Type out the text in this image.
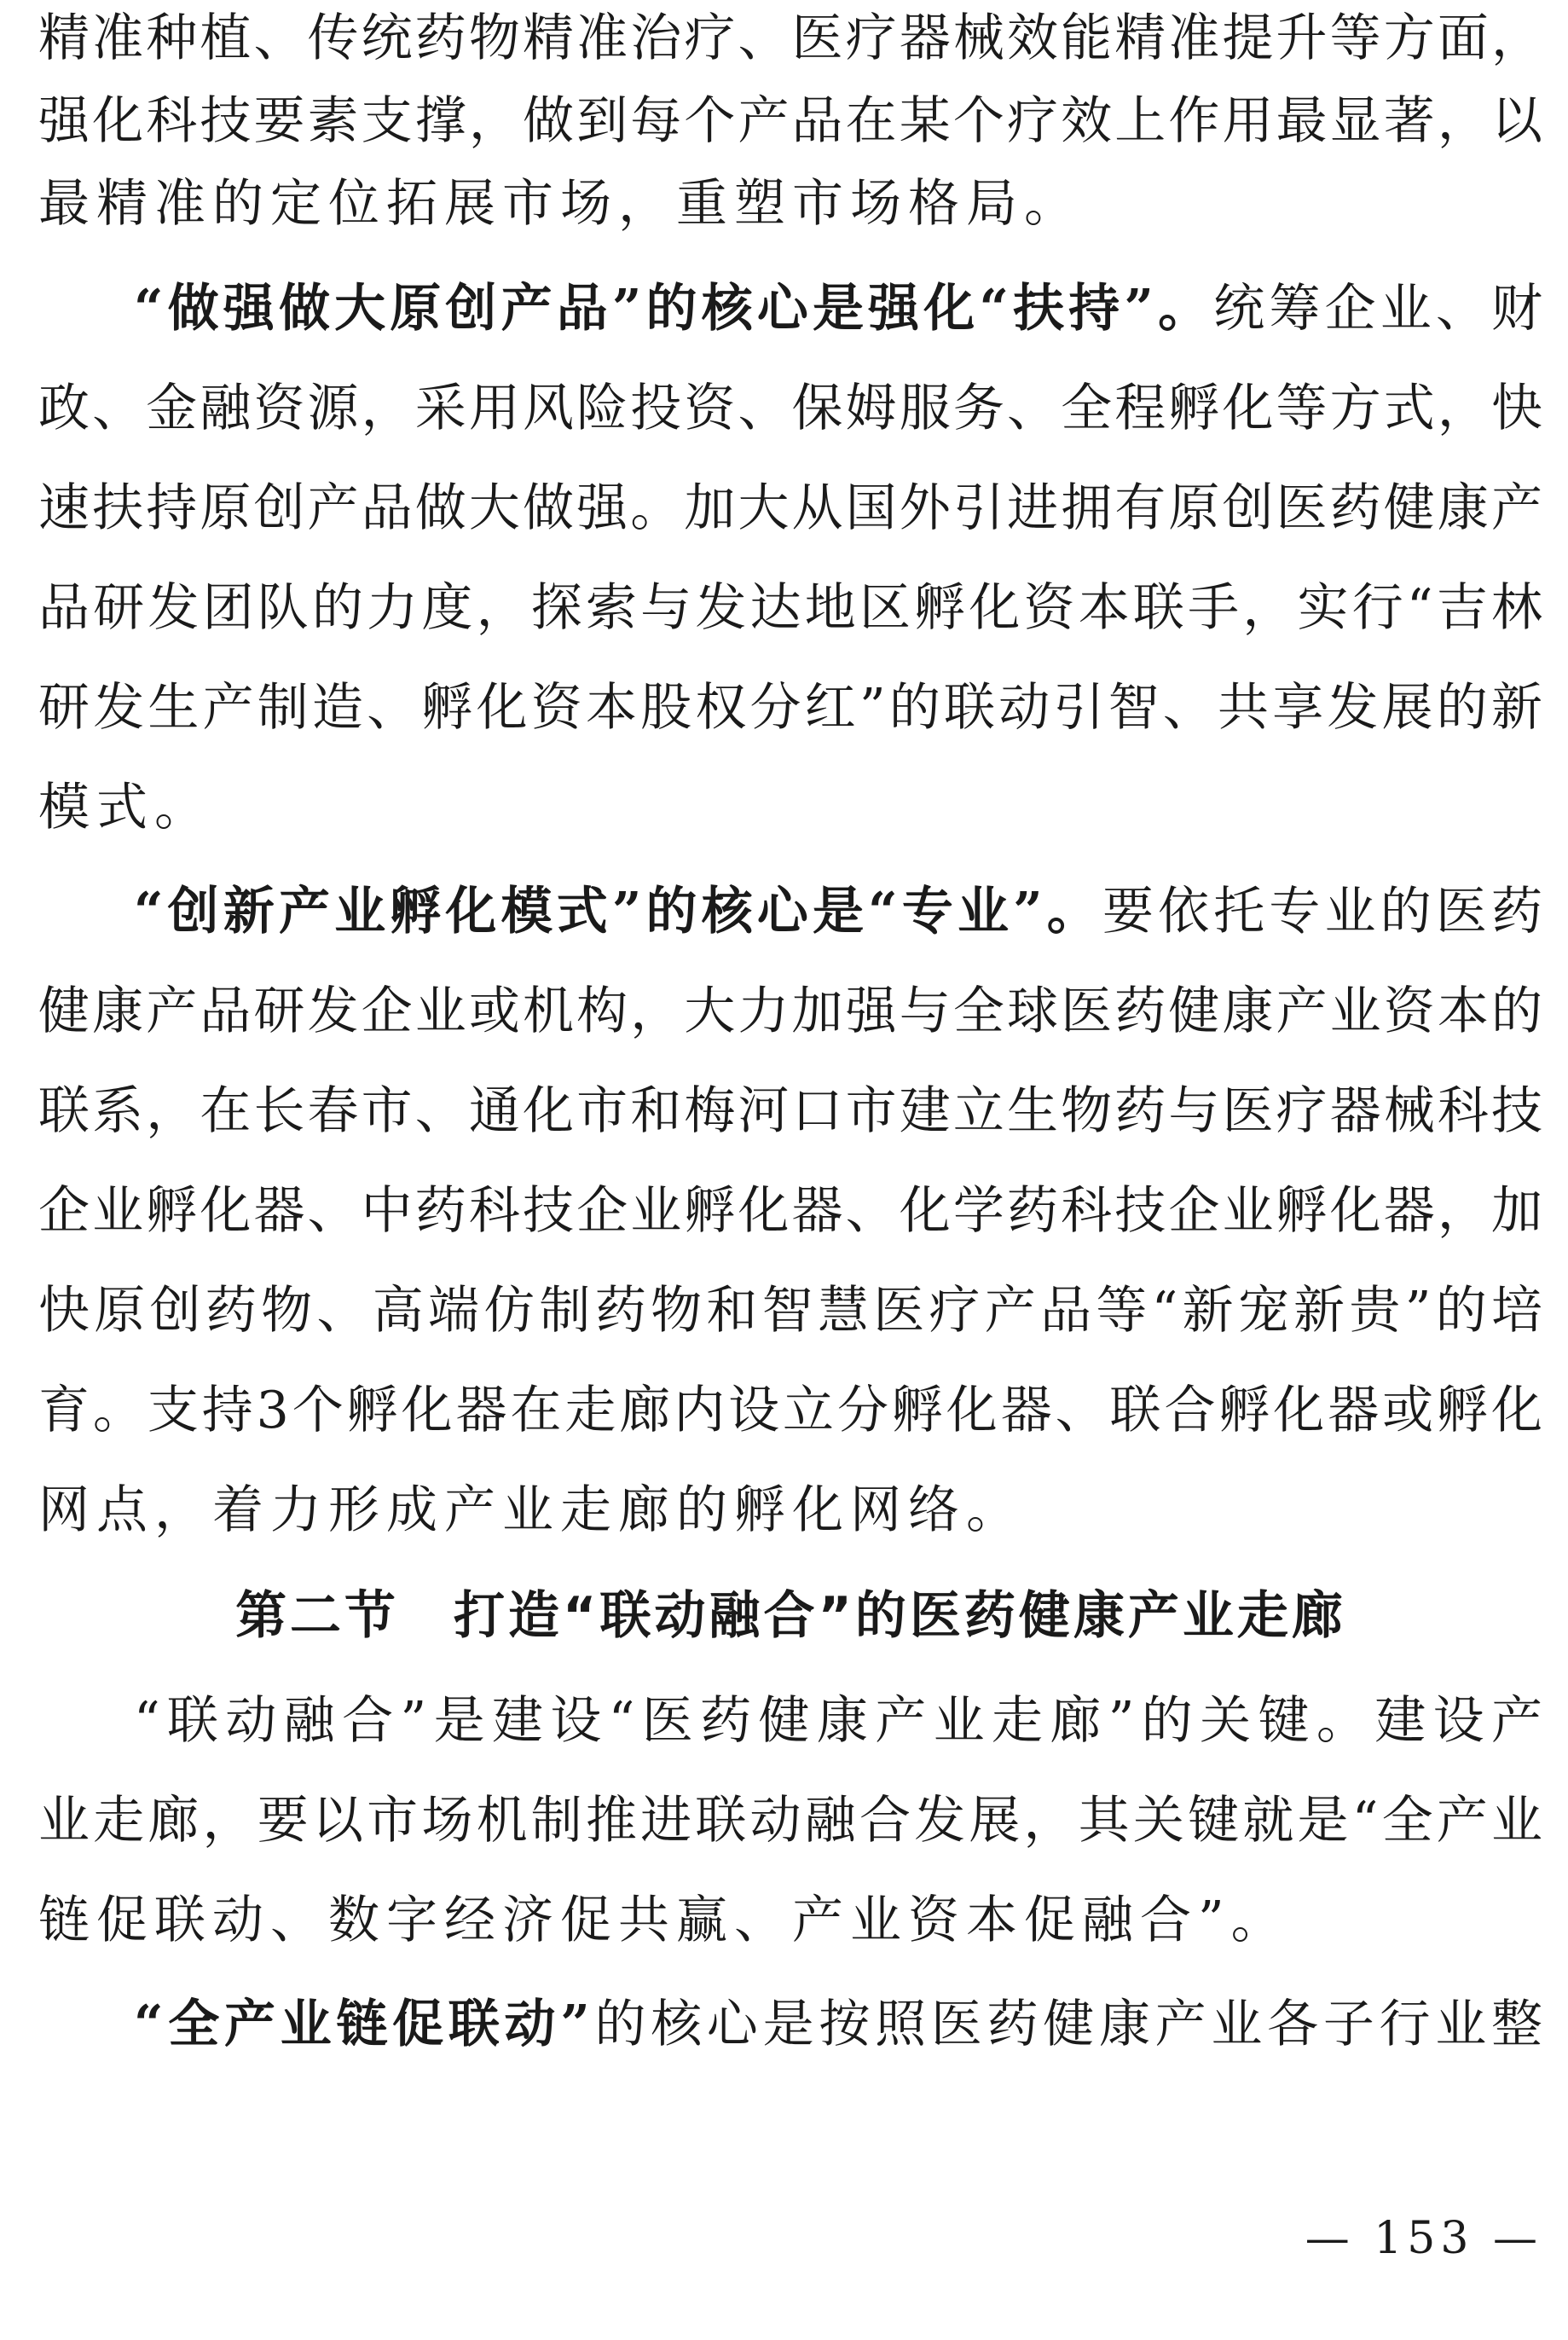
精准种植、传统药物精准治疗、医疗器械效能精准提升等方面，
强化科技要素支撑，做到每个产品在某个疗效上作用最显著，以
最精准的定位拓展市场，重塑市场格局。
“做强做大原创产品”的核心是强化“扶持”。统筹企业、财
政、金融资源，采用风险投资、保姆服务、全程孵化等方式，快
速扶持原创产品做大做强。加大从国外引进拥有原创医药健康产
品研发团队的力度，探索与发达地区孵化资本联手，实行“吉林
研发生产制造、孵化资本股权分红”的联动引智、共享发展的新
模式。
“创新产业孵化模式”的核心是“专业”。要依托专业的医药
健康产品研发企业或机构，大力加强与全球医药健康产业资本的
联系，在长春市、通化市和梅河口市建立生物药与医疗器械科技
企业孵化器、中药科技企业孵化器、化学药科技企业孵化器，加
快原创药物、高端仿制药物和智慧医疗产品等“新宠新贵”的培
育。支持3个孵化器在走廊内设立分孵化器、联合孵化器或孵化
网点，着力形成产业走廊的孵化网络。
第二节　打造“联动融合”的医药健康产业走廊
“联动融合”是建设“医药健康产业走廊”的关键。建设产
业走廊，要以市场机制推进联动融合发展，其关键就是“全产业
链促联动、数字经济促共赢、产业资本促融合”。
“全产业链促联动”的核心是按照医药健康产业各子行业整
— 153 —
